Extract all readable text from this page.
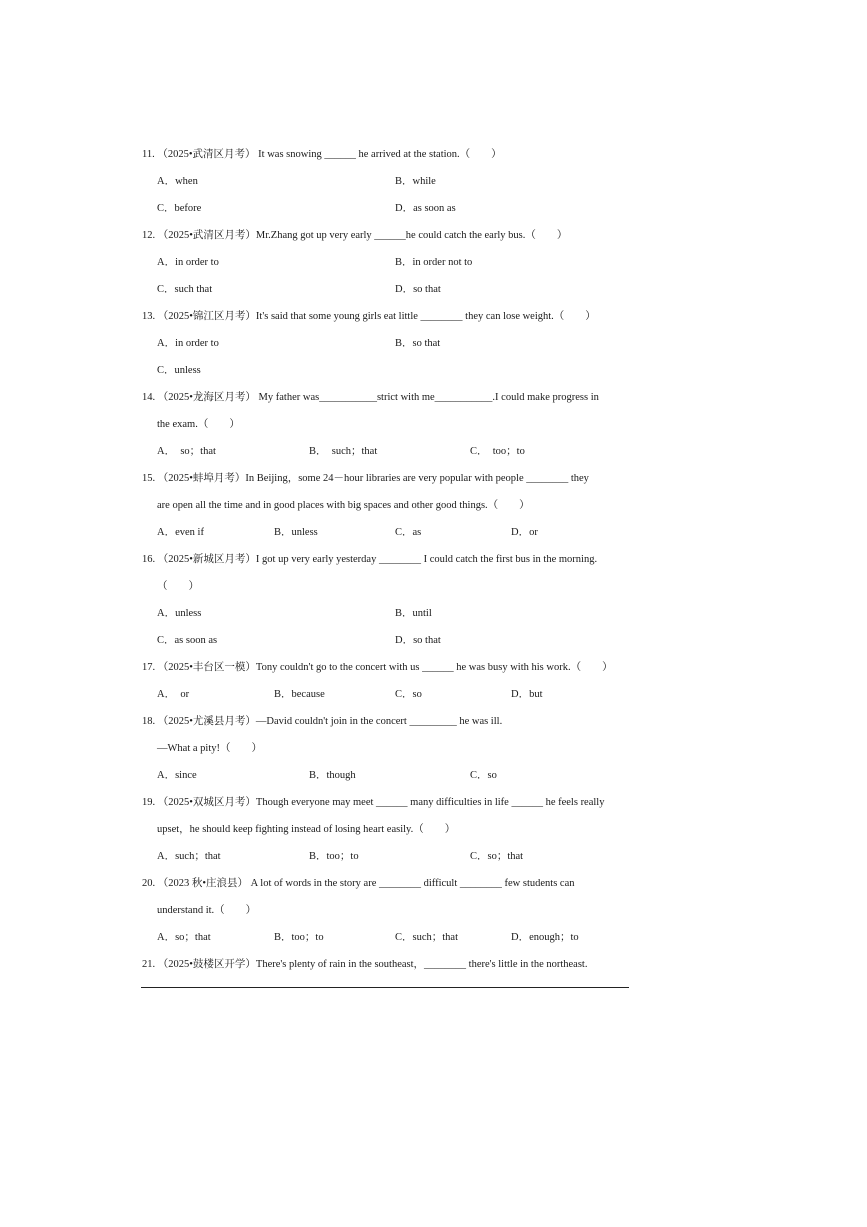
11. （2025•武清区月考） It was snowing ______ he arrived at the station.（　　）
A．when	B．while
C．before	D．as soon as
12. （2025•武清区月考）Mr.Zhang got up very early ______he could catch the early bus.（　　）
A．in order to	B．in order not to
C．such that	D．so that
13. （2025•锦江区月考）It's said that some young girls eat little ________ they can lose weight.（　　）
A．in order to	B．so that
C．unless
14. （2025•龙海区月考） My father was___________strict with me___________.I could make progress in
the exam.（　　）
A．　so；that	B．　such；that	C．　too；to
15. （2025•蚌埠月考）In Beijing，some 24－hour libraries are very popular with people ________ they
are open all the time and in good places with big spaces and other good things.（　　）
A．even if	B．unless	C．as	D．or
16. （2025•新城区月考）I got up very early yesterday ________ I could catch the first bus in the morning.
（　　）
A．unless	B．until
C．as soon as	D．so that
17. （2025•丰台区一模）Tony couldn't go to the concert with us ______ he was busy with his work.（　　）
A．　or	B．because	C．so	D．but
18. （2025•尤溪县月考）—David couldn't join in the concert _________ he was ill.
—What a pity!（　　）
A．since	B．though	C．so
19. （2025•双城区月考）Though everyone may meet ______ many difficulties in life ______ he feels really
upset，he should keep fighting instead of losing heart easily.（　　）
A．such；that	B．too；to	C．so；that
20. （2023 秋•庄浪县） A lot of words in the story are ________ difficult ________ few students can
understand it.（　　）
A．so；that	B．too；to	C．such；that	D．enough；to
21. （2025•鼓楼区开学）There's plenty of rain in the southeast，________ there's little in the northeast.
